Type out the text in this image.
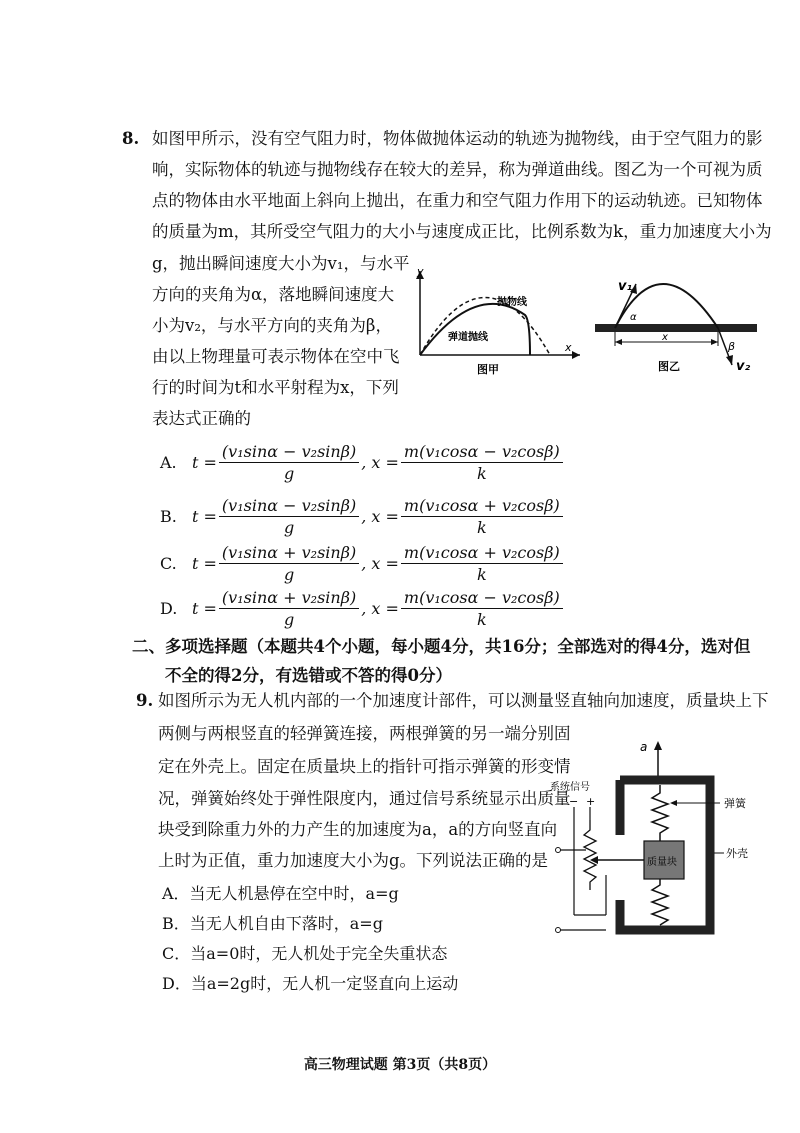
8. 如图甲所示，没有空气阻力时，物体做抛体运动的轨迹为抛物线，由于空气阻力的影
响，实际物体的轨迹与抛物线存在较大的差异，称为弹道曲线。图乙为一个可视为质
点的物体由水平地面上斜向上抛出，在重力和空气阻力作用下的运动轨迹。已知物体
的质量为m，其所受空气阻力的大小与速度成正比，比例系数为k，重力加速度大小为
g，抛出瞬间速度大小为v₁，与水平
方向的夹角为α，落地瞬间速度大
小为v₂，与水平方向的夹角为β，
由以上物理量可表示物体在空中飞
行的时间为t和水平射程为x，下列
表达式正确的
y
x
抛物线
弹道抛线
图甲
v₁
α
x
β
v₂
图乙
A. $t = \frac{\text{(v₁sinα − v₂sinβ)}}{g}$ , $x = \frac{\text{m(v₁cosα − v₂cosβ)}}{k}$
B. $t = \frac{\text{(v₁sinα − v₂sinβ)}}{g}$ , $x = \frac{\text{m(v₁cosα + v₂cosβ)}}{k}$
C. $t = \frac{\text{(v₁sinα + v₂sinβ)}}{g}$ , $x = \frac{\text{m(v₁cosα + v₂cosβ)}}{k}$
D. $t = \frac{\text{(v₁sinα + v₂sinβ)}}{g}$ , $x = \frac{\text{m(v₁cosα − v₂cosβ)}}{k}$
二、多项选择题（本题共4个小题，每小题4分，共16分；全部选对的得4分，选对但
不全的得2分，有选错或不答的得0分）
9. 如图所示为无人机内部的一个加速度计部件，可以测量竖直轴向加速度，质量块上下
两侧与两根竖直的轻弹簧连接，两根弹簧的另一端分别固
定在外壳上。固定在质量块上的指针可指示弹簧的形变情
况，弹簧始终处于弹性限度内，通过信号系统显示出质量
块受到除重力外的力产生的加速度为a，a的方向竖直向
上时为正值，重力加速度大小为g。下列说法正确的是
A．当无人机悬停在空中时，a=g
B．当无人机自由下落时，a=g
C．当a=0时，无人机处于完全失重状态
D．当a=2g时，无人机一定竖直向上运动
a
质量块
系统信号
− +	弹簧
外壳
高三物理试题 第3页（共8页）
